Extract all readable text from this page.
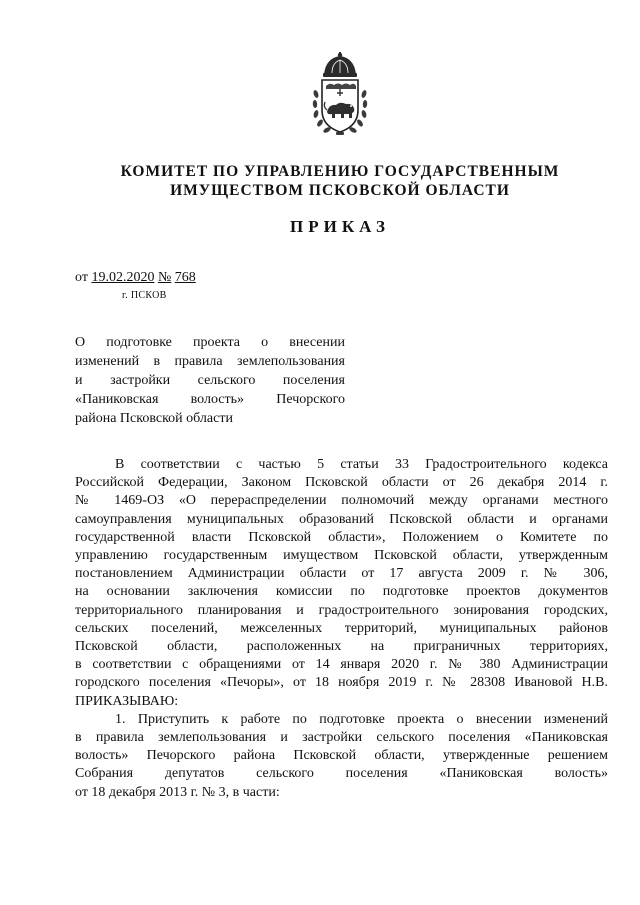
КОМИТЕТ ПО УПРАВЛЕНИЮ ГОСУДАРСТВЕННЫМ
ИМУЩЕСТВОМ ПСКОВСКОЙ ОБЛАСТИ
ПРИКАЗ
от 19.02.2020 № 768
г. ПСКОВ
О подготовке проекта о внесении
изменений в правила землепользования
и застройки сельского поселения
«Паниковская волость» Печорского
района Псковской области
В соответствии с частью 5 статьи 33 Градостроительного кодекса
Российской Федерации, Законом Псковской области от 26 декабря 2014 г.
№ 1469-ОЗ «О перераспределении полномочий между органами местного
самоуправления муниципальных образований Псковской области и органами
государственной власти Псковской области», Положением о Комитете по
управлению государственным имуществом Псковской области, утвержденным
постановлением Администрации области от 17 августа 2009 г. № 306,
на основании заключения комиссии по подготовке проектов документов
территориального планирования и градостроительного зонирования городских,
сельских поселений, межселенных территорий, муниципальных районов
Псковской области, расположенных на приграничных территориях,
в соответствии с обращениями от 14 января 2020 г. № 380 Администрации
городского поселения «Печоры», от 18 ноября 2019 г. № 28308 Ивановой Н.В.
ПРИКАЗЫВАЮ:
1. Приступить к работе по подготовке проекта о внесении изменений
в правила землепользования и застройки сельского поселения «Паниковская
волость» Печорского района Псковской области, утвержденные решением
Собрания депутатов сельского поселения «Паниковская волость»
от 18 декабря 2013 г. № 3, в части:
